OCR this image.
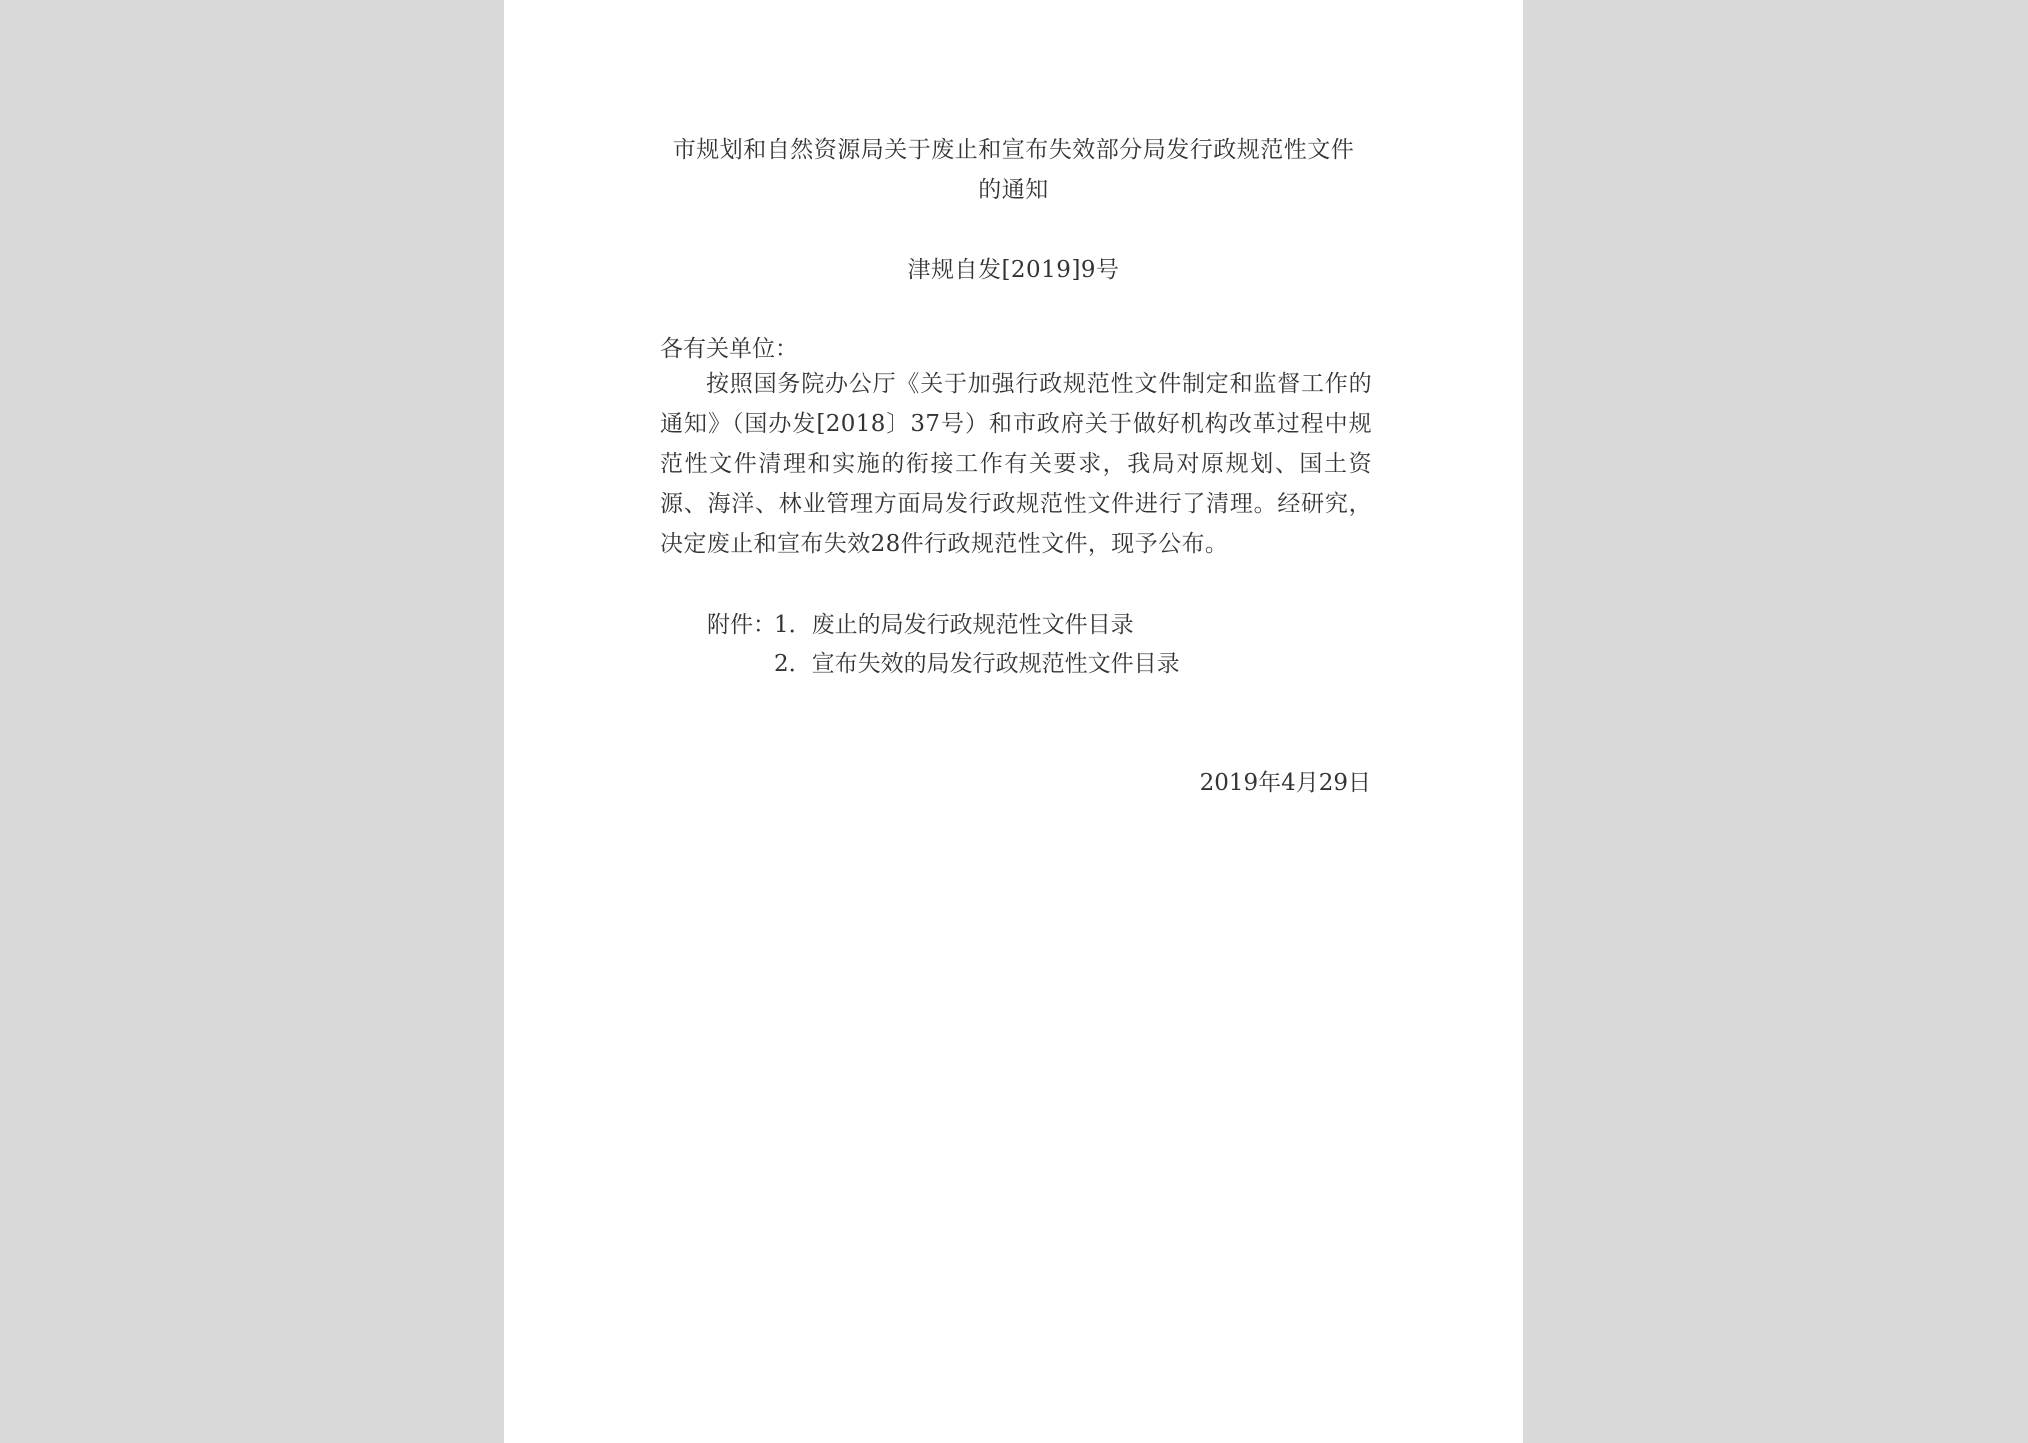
市规划和自然资源局关于废止和宣布失效部分局发行政规范性文件
的通知
津规自发[2019]9号
各有关单位：

按照国务院办公厅《关于加强行政规范性文件制定和监督工作的通知》（国办发[2018〕37号）和市政府关于做好机构改革过程中规范性文件清理和实施的衔接工作有关要求，我局对原规划、国土资源、海洋、林业管理方面局发行政规范性文件进行了清理。经研究，决定废止和宣布失效28件行政规范性文件，现予公布。

附件：
1．废止的局发行政规范性文件目录
2．宣布失效的局发行政规范性文件目录
2019年4月29日
